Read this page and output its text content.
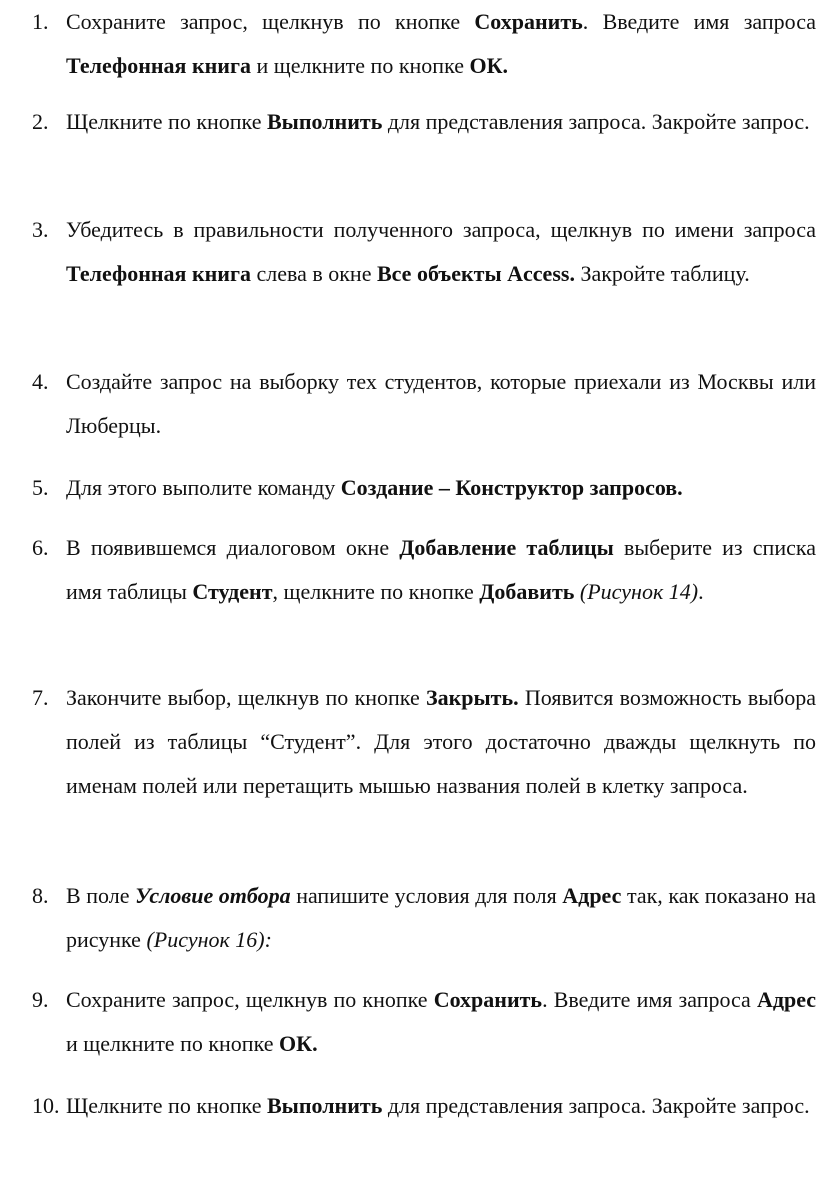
1. Сохраните запрос, щелкнув по кнопке Сохранить. Введите имя запроса Телефонная книга и щелкните по кнопке ОК.
2. Щелкните по кнопке Выполнить для представления запроса. Закройте запрос.
3. Убедитесь в правильности полученного запроса, щелкнув по имени запроса Телефонная книга слева в окне Все объекты Access. Закройте таблицу.
4. Создайте запрос на выборку тех студентов, которые приехали из Москвы или Люберцы.
5. Для этого выполите команду Создание – Конструктор запросов.
6. В появившемся диалоговом окне Добавление таблицы выберите из списка имя таблицы Студент, щелкните по кнопке Добавить (Рисунок 14).
7. Закончите выбор, щелкнув по кнопке Закрыть. Появится возможность выбора полей из таблицы “Студент”. Для этого достаточно дважды щелкнуть по именам полей или перетащить мышью названия полей в клетку запроса.
8. В поле Условие отбора напишите условия для поля Адрес так, как показано на рисунке (Рисунок 16):
9. Сохраните запрос, щелкнув по кнопке Сохранить. Введите имя запроса Адрес и щелкните по кнопке ОК.
10. Щелкните по кнопке Выполнить для представления запроса. Закройте запрос.
